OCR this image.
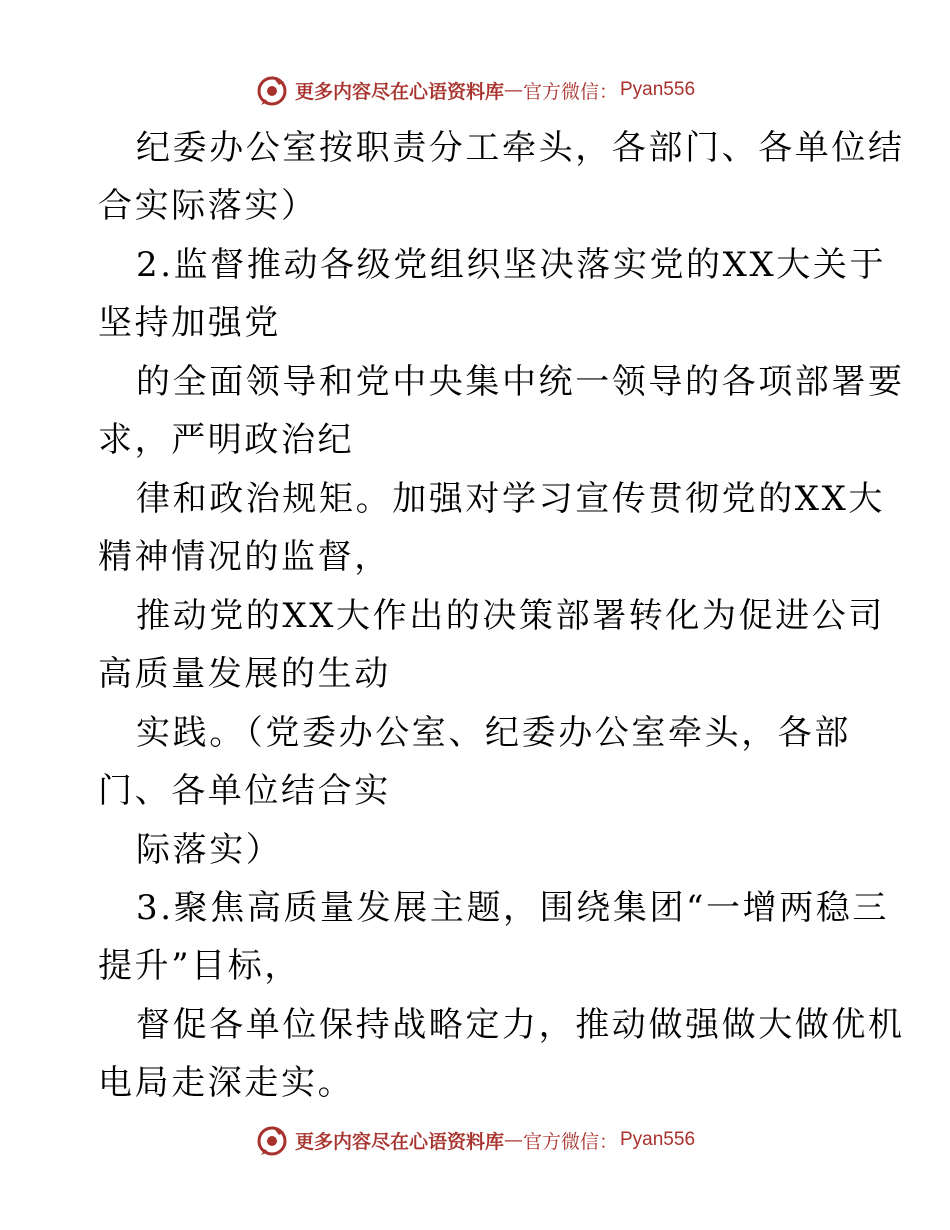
更多内容尽在心语资料库 — 官方微信： Pyan556
纪委办公室按职责分工牵头，各部门、各单位结
合实际落实）
2.监督推动各级党组织坚决落实党的XX大关于
坚持加强党
的全面领导和党中央集中统一领导的各项部署要
求，严明政治纪
律和政治规矩。加强对学习宣传贯彻党的XX大
精神情况的监督，
推动党的XX大作出的决策部署转化为促进公司
高质量发展的生动
实践。（党委办公室、纪委办公室牵头，各部
门、各单位结合实
际落实）
3.聚焦高质量发展主题，围绕集团“一增两稳三
提升”目标，
督促各单位保持战略定力，推动做强做大做优机
电局走深走实。
更多内容尽在心语资料库 — 官方微信： Pyan556
